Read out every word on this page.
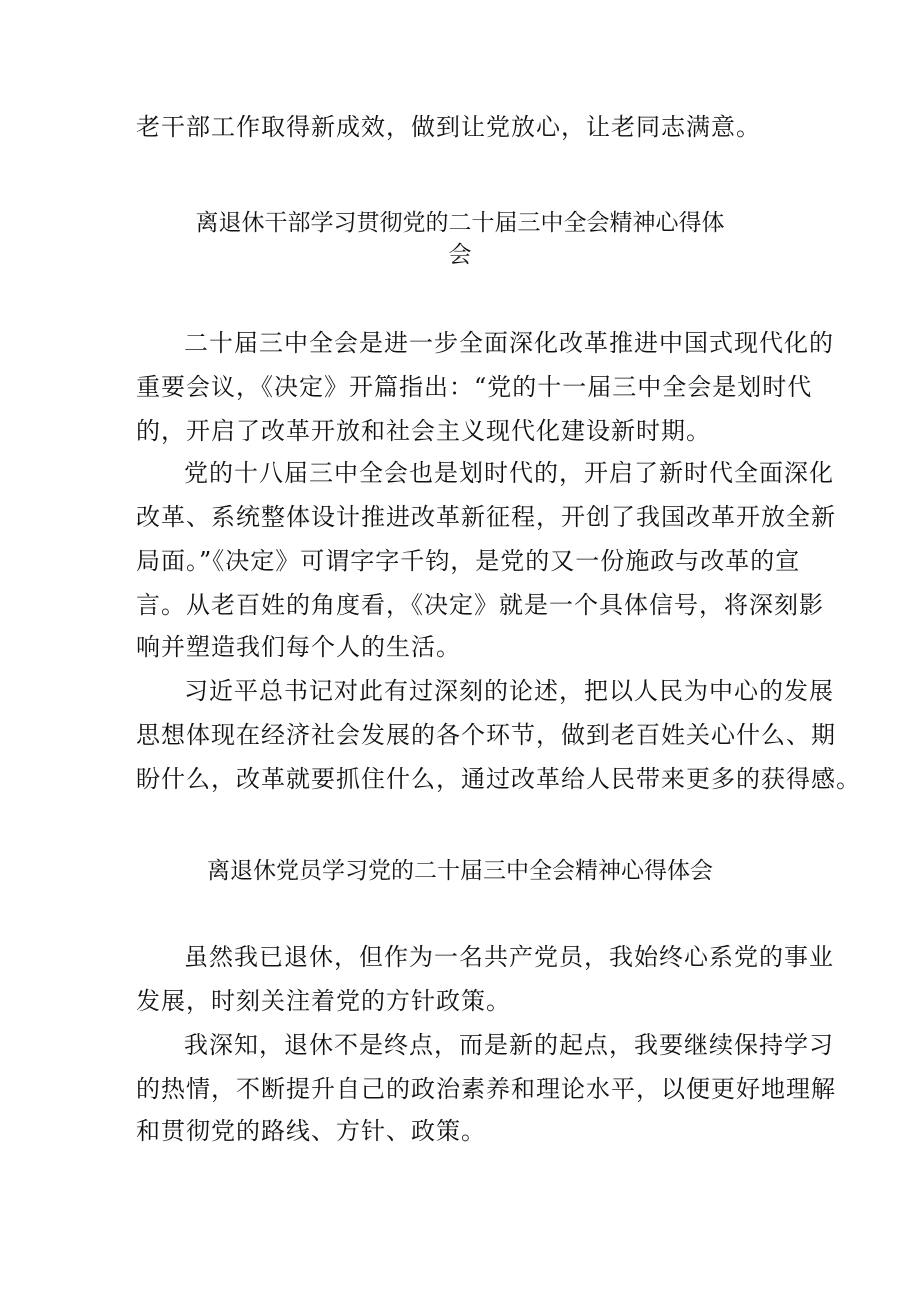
老干部工作取得新成效，做到让党放心，让老同志满意。
离退休干部学习贯彻党的二十届三中全会精神心得体
会
二十届三中全会是进一步全面深化改革推进中国式现代化的
重要会议，《决定》开篇指出：“党的十一届三中全会是划时代
的，开启了改革开放和社会主义现代化建设新时期。
党的十八届三中全会也是划时代的，开启了新时代全面深化
改革、系统整体设计推进改革新征程，开创了我国改革开放全新
局面。”《决定》可谓字字千钧，是党的又一份施政与改革的宣
言。从老百姓的角度看，《决定》就是一个具体信号，将深刻影
响并塑造我们每个人的生活。
习近平总书记对此有过深刻的论述，把以人民为中心的发展
思想体现在经济社会发展的各个环节，做到老百姓关心什么、期
盼什么，改革就要抓住什么，通过改革给人民带来更多的获得感。
离退休党员学习党的二十届三中全会精神心得体会
虽然我已退休，但作为一名共产党员，我始终心系党的事业
发展，时刻关注着党的方针政策。
我深知，退休不是终点，而是新的起点，我要继续保持学习
的热情，不断提升自己的政治素养和理论水平，以便更好地理解
和贯彻党的路线、方针、政策。
